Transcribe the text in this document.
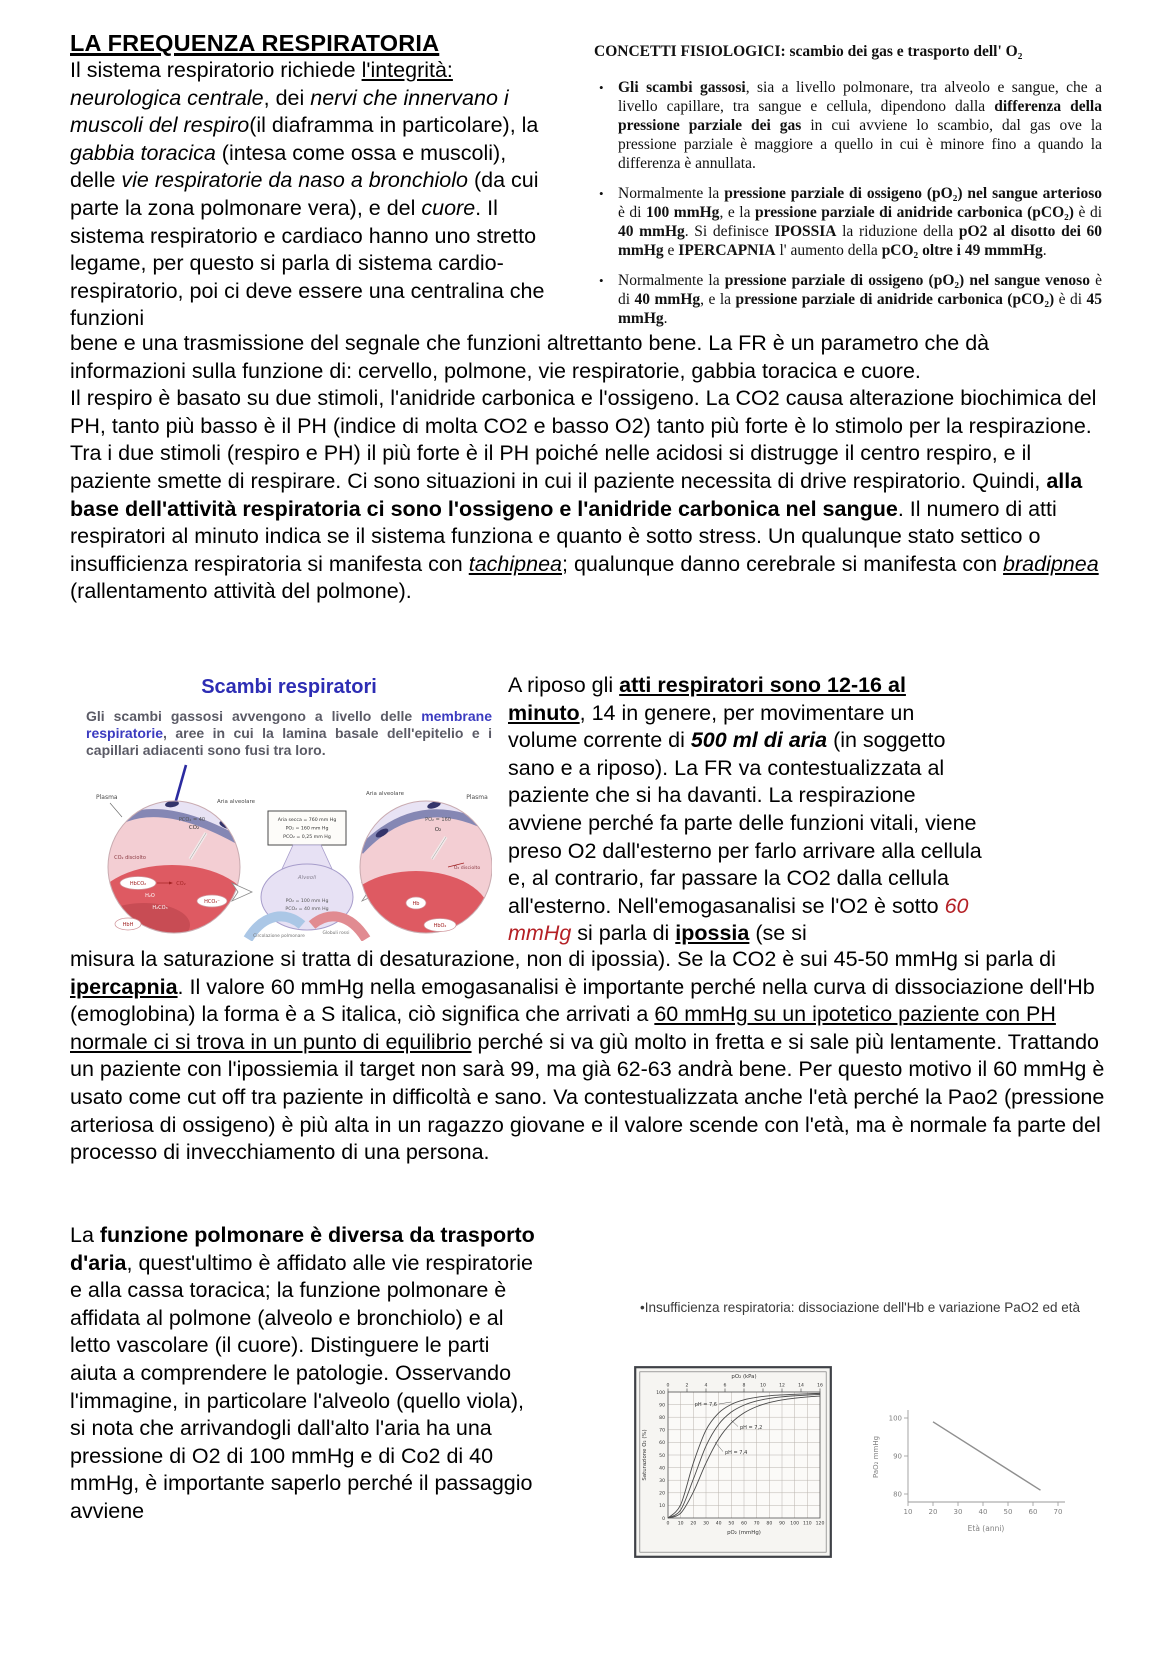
LA FREQUENZA RESPIRATORIA

Il sistema respiratorio richiede l'integrità: neurologica centrale, dei nervi che innervano i muscoli del respiro(il diaframma in particolare), la gabbia toracica (intesa come ossa e muscoli), delle vie respiratorie da naso a bronchiolo (da cui parte la zona polmonare vera), e del cuore. Il sistema respiratorio e cardiaco hanno uno stretto legame, per questo si parla di sistema cardio-respiratorio, poi ci deve essere una centralina che funzioni

CONCETTI FISIOLOGICI: scambio dei gas e trasporto dell' O₂
• Gli scambi gassosi, sia a livello polmonare, tra alveolo e sangue, che a livello capillare, tra sangue e cellula, dipendono dalla differenza della pressione parziale dei gas in cui avviene lo scambio, dal gas ove la pressione parziale è maggiore a quello in cui è minore fino a quando la differenza è annullata.
• Normalmente la pressione parziale di ossigeno (pO₂) nel sangue arterioso è di 100 mmHg, e la pressione parziale di anidride carbonica (pCO₂) è di 40 mmHg. Si definisce IPOSSIA la riduzione della pO2 al disotto dei 60 mmHg e IPERCAPNIA l' aumento della pCO₂ oltre i 49 mmmHg.
• Normalmente la pressione parziale di ossigeno (pO₂) nel sangue venoso è di 40 mmHg, e la pressione parziale di anidride carbonica (pCO₂) è di 45 mmHg.

bene e una trasmissione del segnale che funzioni altrettanto bene. La FR è un parametro che dà informazioni sulla funzione di: cervello, polmone, vie respiratorie, gabbia toracica e cuore.

Il respiro è basato su due stimoli, l'anidride carbonica e l'ossigeno. La CO2 causa alterazione biochimica del PH, tanto più basso è il PH (indice di molta CO2 e basso O2) tanto più forte è lo stimolo per la respirazione. Tra i due stimoli (respiro e PH) il più forte è il PH poiché nelle acidosi si distrugge il centro respiro, e il paziente smette di respirare. Ci sono situazioni in cui il paziente necessita di drive respiratorio. Quindi, alla base dell'attività respiratoria ci sono l'ossigeno e l'anidride carbonica nel sangue. Il numero di atti respiratori al minuto indica se il sistema funziona e quanto è sotto stress. Un qualunque stato settico o insufficienza respiratoria si manifesta con tachipnea; qualunque danno cerebrale si manifesta con bradipnea (rallentamento attività del polmone).

Scambi respiratori
Gli scambi gassosi avvengono a livello delle membrane respiratorie, aree in cui la lamina basale dell'epitelio e i capillari adiacenti sono fusi tra loro.
Plasma
Aria alveolare
PCO₂ = 40
CO₂ disciolto
CO₂
HbCO₂	CO₂
H₂O
H₂CO₃
HbH
HCO₃⁻
Aria secca = 760 mm Hg
PO₂ = 160 mm Hg
PCO₂ = 0,25 mm Hg
Alveoli
PO₂ = 100 mm Hg
PCO₂ = 40 mm Hg
Circolazione polmonare
Globuli rossi
Aria alveolare	Plasma
PO₂ = 160
O₂
O₂ disciolto
Hb
HbO₂

A riposo gli atti respiratori sono 12-16 al minuto, 14 in genere, per movimentare un volume corrente di 500 ml di aria (in soggetto sano e a riposo). La FR va contestualizzata al paziente che si ha davanti. La respirazione avviene perché fa parte delle funzioni vitali, viene preso O2 dall'esterno per farlo arrivare alla cellula e, al contrario, far passare la CO2 dalla cellula all'esterno. Nell'emogasanalisi se l'O2 è sotto 60 mmHg si parla di ipossia (se si

misura la saturazione si tratta di desaturazione, non di ipossia). Se la CO2 è sui 45-50 mmHg si parla di ipercapnia. Il valore 60 mmHg nella emogasanalisi è importante perché nella curva di dissociazione dell'Hb (emoglobina) la forma è a S italica, ciò significa che arrivati a 60 mmHg su un ipotetico paziente con PH normale ci si trova in un punto di equilibrio perché si va giù molto in fretta e si sale più lentamente. Trattando un paziente con l'ipossiemia il target non sarà 99, ma già 62-63 andrà bene. Per questo motivo il 60 mmHg è usato come cut off tra paziente in difficoltà e sano. Va contestualizzata anche l'età perché la Pao2 (pressione arteriosa di ossigeno) è più alta in un ragazzo giovane e il valore scende con l'età, ma è normale fa parte del processo di invecchiamento di una persona.

La funzione polmonare è diversa da trasporto d'aria, quest'ultimo è affidato alle vie respiratorie e alla cassa toracica; la funzione polmonare è affidata al polmone (alveolo e bronchiolo) e al letto vascolare (il cuore). Distinguere le parti aiuta a comprendere le patologie. Osservando l'immagine, in particolare l'alveolo (quello viola), si nota che arrivandogli dall'alto l'aria ha una pressione di O2 di 100 mmHg e di Co2 di 40 mmHg, è importante saperlo perché il passaggio avviene

•Insufficienza respiratoria: dissociazione dell'Hb e variazione PaO2 ed età
0 10 20 30 40 50 60 70 80 90 100 110 120
0
10
20
30
40
50
60
70
80
90
100
0	2	4	6	8	10	12	14	16
pO₂ (kPa)
pO₂ (mmHg)
Saturazione O₂ (%)
pH = 7,6
pH = 7,4
pH = 7,2
10 20 30 40 50 60 70
80
90
100
Età (anni)
PaO₂ mmHg
